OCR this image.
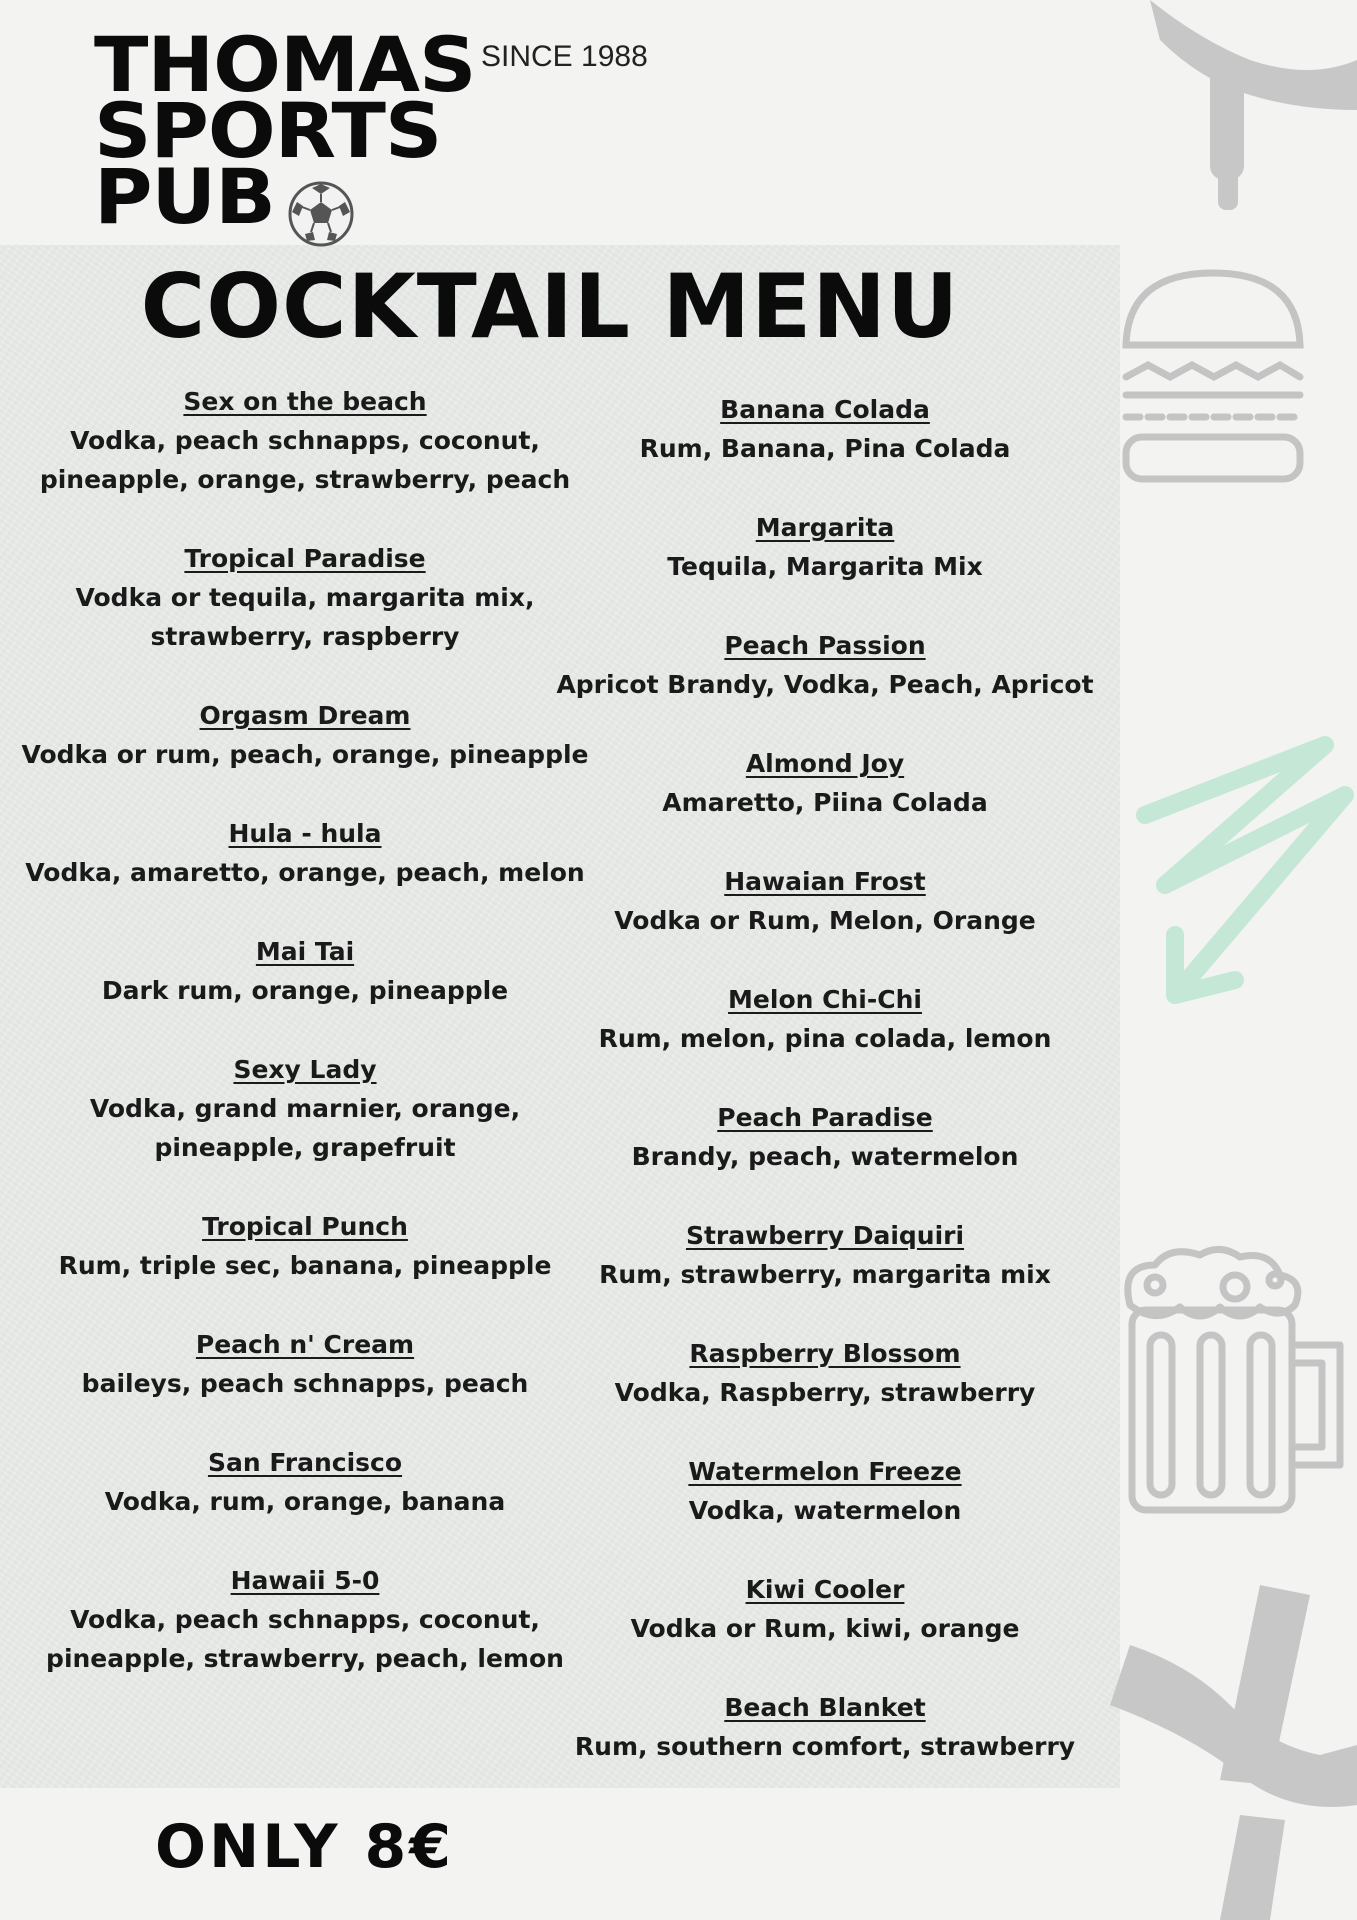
THOMAS
SPORTS
PUB
SINCE 1988
COCKTAIL MENU
Sex on the beach
Vodka, peach schnapps, coconut,
pineapple, orange, strawberry, peach
Tropical Paradise
Vodka or tequila, margarita mix,
strawberry, raspberry
Orgasm Dream
Vodka or rum, peach, orange, pineapple
Hula - hula
Vodka, amaretto, orange, peach, melon
Mai Tai
Dark rum, orange, pineapple
Sexy Lady
Vodka, grand marnier, orange,
pineapple, grapefruit
Tropical Punch
Rum, triple sec, banana, pineapple
Peach n' Cream
baileys, peach schnapps, peach
San Francisco
Vodka, rum, orange, banana
Hawaii 5-0
Vodka, peach schnapps, coconut,
pineapple, strawberry, peach, lemon
Banana Colada
Rum, Banana, Pina Colada
Margarita
Tequila, Margarita Mix
Peach Passion
Apricot Brandy, Vodka, Peach, Apricot
Almond Joy
Amaretto, Piina Colada
Hawaian Frost
Vodka or Rum, Melon, Orange
Melon Chi-Chi
Rum, melon, pina colada, lemon
Peach Paradise
Brandy, peach, watermelon
Strawberry Daiquiri
Rum, strawberry, margarita mix
Raspberry Blossom
Vodka, Raspberry, strawberry
Watermelon Freeze
Vodka, watermelon
Kiwi Cooler
Vodka or Rum, kiwi, orange
Beach Blanket
Rum, southern comfort, strawberry
ONLY 8€
